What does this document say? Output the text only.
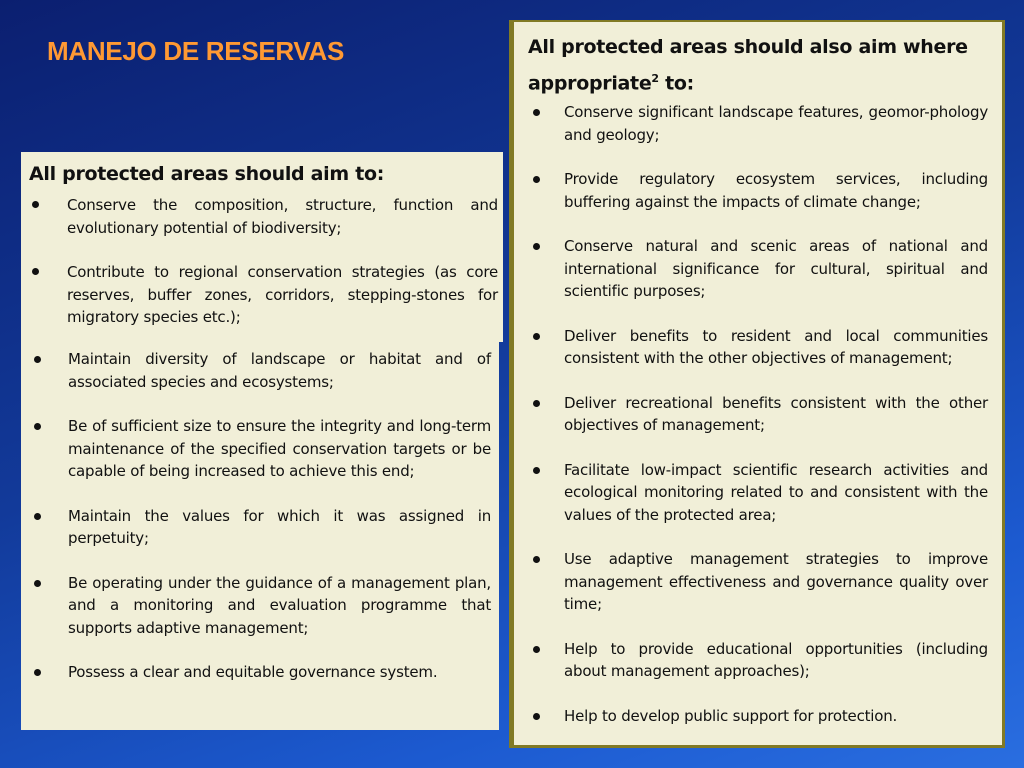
MANEJO DE RESERVAS
All protected areas should aim to:
Conserve the composition, structure, function and evolutionary potential of biodiversity;
Contribute to regional conservation strategies (as core reserves, buffer zones, corridors, stepping-stones for migratory species etc.);
Maintain diversity of landscape or habitat and of associated species and ecosystems;
Be of sufficient size to ensure the integrity and long-term maintenance of the specified conservation targets or be capable of being increased to achieve this end;
Maintain the values for which it was assigned in perpetuity;
Be operating under the guidance of a management plan, and a monitoring and evaluation programme that supports adaptive management;
Possess a clear and equitable governance system.
All protected areas should also aim where appropriate$^2$ to:
Conserve significant landscape features, geomor-phology and geology;
Provide regulatory ecosystem services, including buffering against the impacts of climate change;
Conserve natural and scenic areas of national and international significance for cultural, spiritual and scientific purposes;
Deliver benefits to resident and local communities consistent with the other objectives of management;
Deliver recreational benefits consistent with the other objectives of management;
Facilitate low-impact scientific research activities and ecological monitoring related to and consistent with the values of the protected area;
Use adaptive management strategies to improve management effectiveness and governance quality over time;
Help to provide educational opportunities (including about management approaches);
Help to develop public support for protection.
